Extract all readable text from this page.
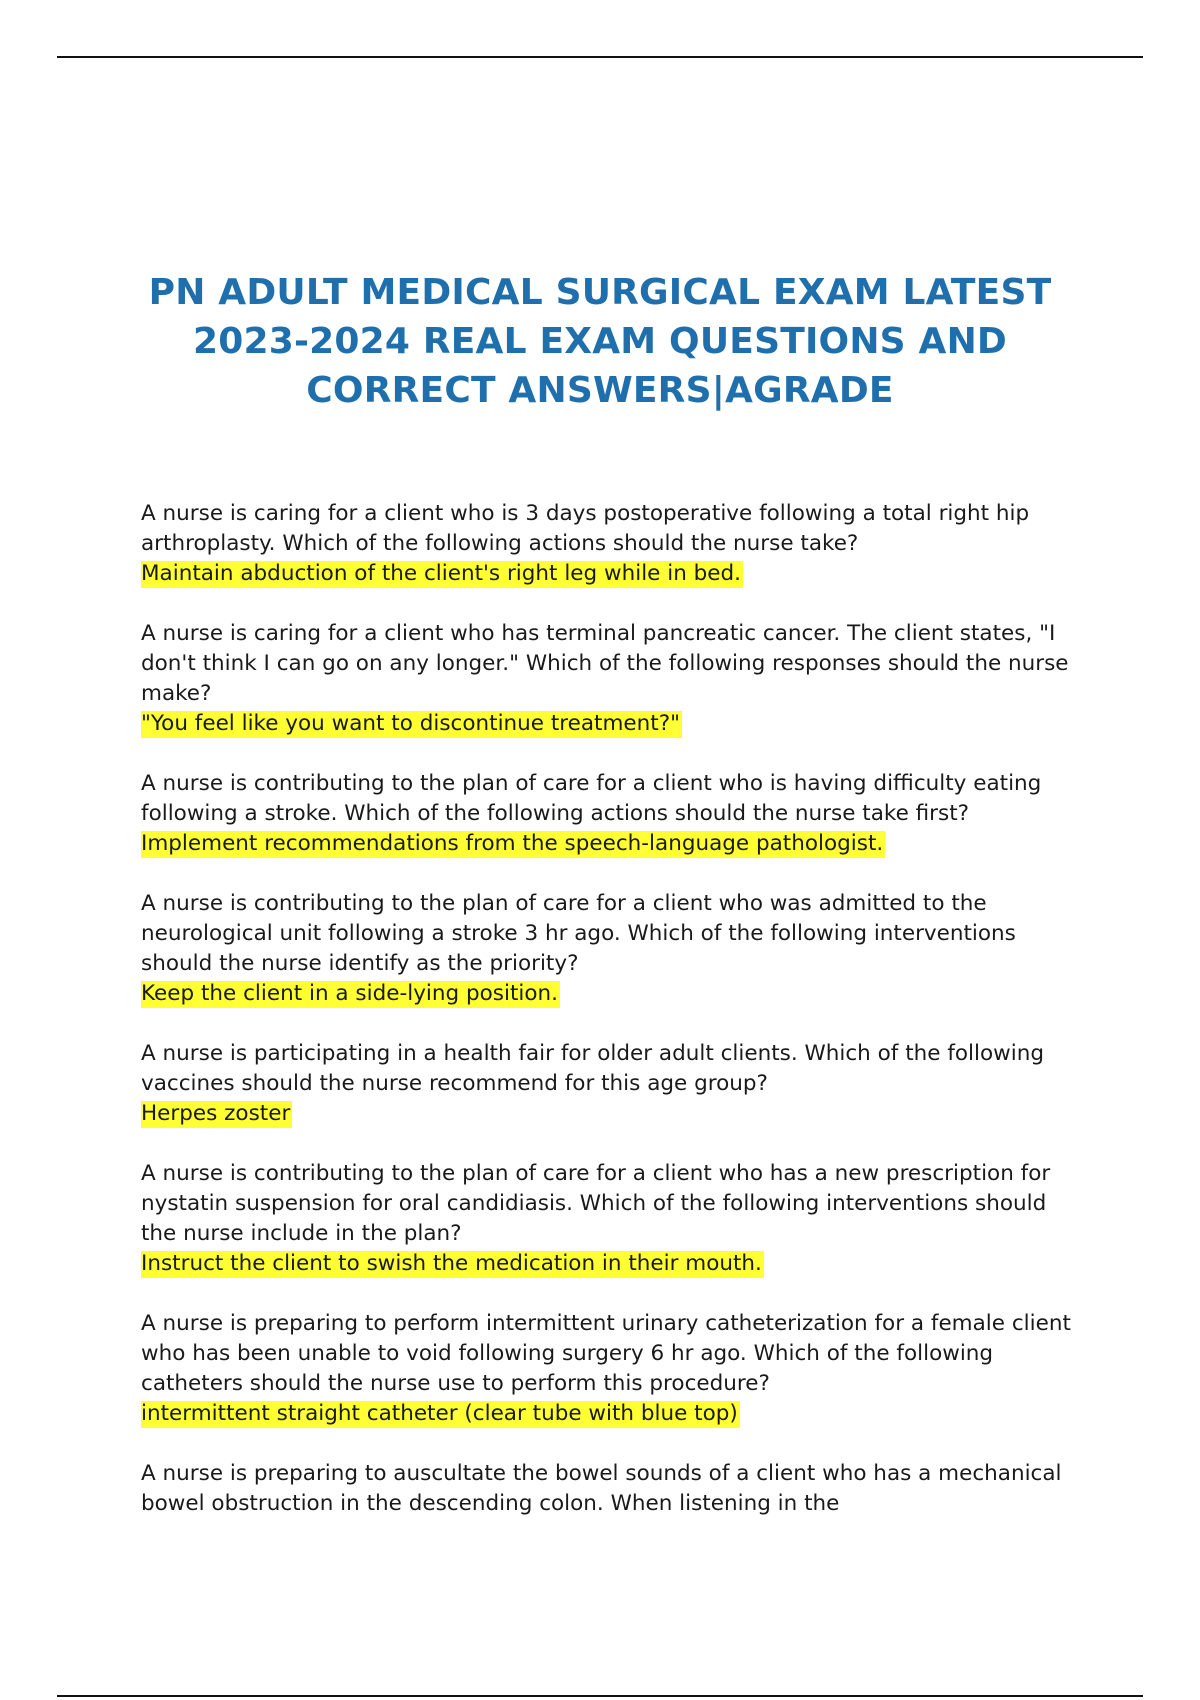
PN ADULT MEDICAL SURGICAL EXAM LATEST 2023-2024 REAL EXAM QUESTIONS AND CORRECT ANSWERS|AGRADE

A nurse is caring for a client who is 3 days postoperative following a total right hip arthroplasty. Which of the following actions should the nurse take?

Maintain abduction of the client's right leg while in bed.

A nurse is caring for a client who has terminal pancreatic cancer. The client states, "I don't think I can go on any longer." Which of the following responses should the nurse make?

"You feel like you want to discontinue treatment?"

A nurse is contributing to the plan of care for a client who is having difficulty eating following a stroke. Which of the following actions should the nurse take first?

Implement recommendations from the speech-language pathologist.

A nurse is contributing to the plan of care for a client who was admitted to the neurological unit following a stroke 3 hr ago. Which of the following interventions should the nurse identify as the priority?

Keep the client in a side-lying position.

A nurse is participating in a health fair for older adult clients. Which of the following vaccines should the nurse recommend for this age group?

Herpes zoster

A nurse is contributing to the plan of care for a client who has a new prescription for nystatin suspension for oral candidiasis. Which of the following interventions should the nurse include in the plan?

Instruct the client to swish the medication in their mouth.

A nurse is preparing to perform intermittent urinary catheterization for a female client who has been unable to void following surgery 6 hr ago. Which of the following catheters should the nurse use to perform this procedure?

intermittent straight catheter (clear tube with blue top)

A nurse is preparing to auscultate the bowel sounds of a client who has a mechanical bowel obstruction in the descending colon. When listening in the
